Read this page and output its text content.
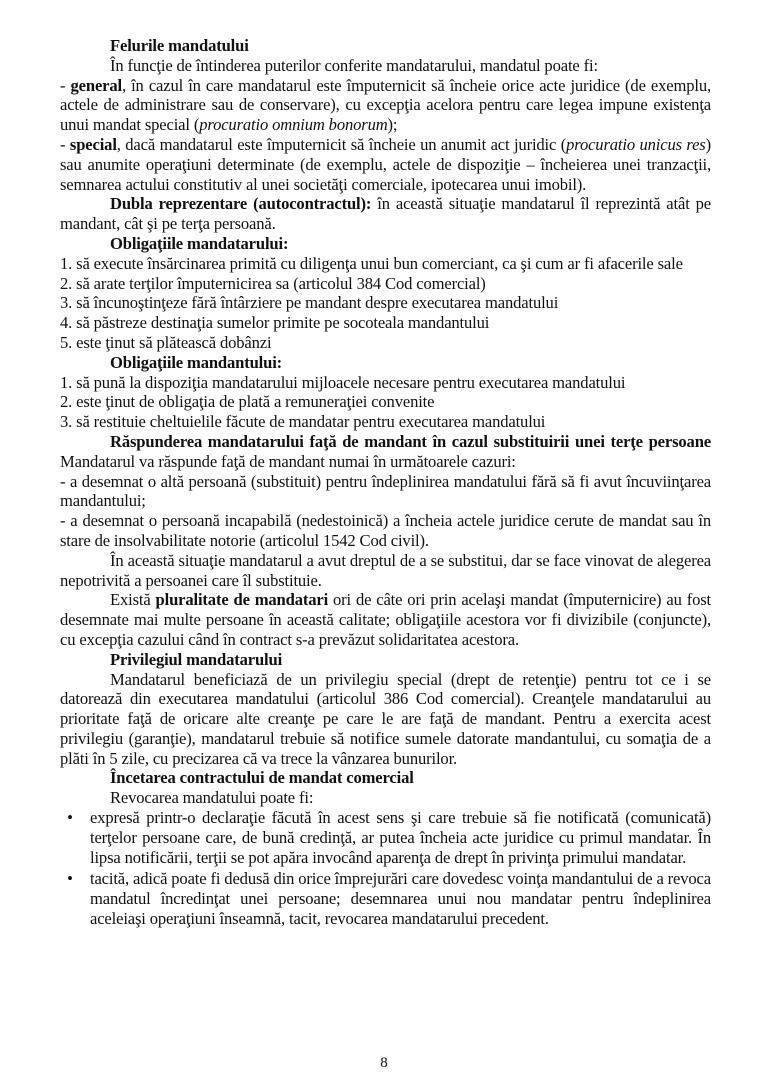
Felurile mandatului

În funcţie de întinderea puterilor conferite mandatarului, mandatul poate fi:

- general, în cazul în care mandatarul este împuternicit să încheie orice acte juridice (de exemplu, actele de administrare sau de conservare), cu excepţia acelora pentru care legea impune existenţa unui mandat special (procuratio omnium bonorum);

- special, dacă mandatarul este împuternicit să încheie un anumit act juridic (procuratio unicus res) sau anumite operaţiuni determinate (de exemplu, actele de dispoziţie – încheierea unei tranzacţii, semnarea actului constitutiv al unei societăţi comerciale, ipotecarea unui imobil).

Dubla reprezentare (autocontractul): în această situaţie mandatarul îl reprezintă atât pe mandant, cât şi pe terţa persoană.

Obligaţiile mandatarului:
1. să execute însărcinarea primită cu diligenţa unui bun comerciant, ca şi cum ar fi afacerile sale
2. să arate terţilor împuternicirea sa (articolul 384 Cod comercial)
3. să încunoştinţeze fără întârziere pe mandant despre executarea mandatului
4. să păstreze destinaţia sumelor primite pe socoteala mandantului
5. este ţinut să plătească dobânzi
Obligaţiile mandantului:
1. să pună la dispoziţia mandatarului mijloacele necesare pentru executarea mandatului
2. este ţinut de obligaţia de plată a remuneraţiei convenite
3. să restituie cheltuielile făcute de mandatar pentru executarea mandatului

Răspunderea mandatarului faţă de mandant în cazul substituirii unei terţe persoane Mandatarul va răspunde faţă de mandant numai în următoarele cazuri:

- a desemnat o altă persoană (substituit) pentru îndeplinirea mandatului fără să fi avut încuviinţarea mandantului;

- a desemnat o persoană incapabilă (nedestoinică) a încheia actele juridice cerute de mandat sau în stare de insolvabilitate notorie (articolul 1542 Cod civil).

În această situaţie mandatarul a avut dreptul de a se substitui, dar se face vinovat de alegerea nepotrivită a persoanei care îl substituie.

Există pluralitate de mandatari ori de câte ori prin acelaşi mandat (împuternicire) au fost desemnate mai multe persoane în această calitate; obligaţiile acestora vor fi divizibile (conjuncte), cu excepţia cazului când în contract s-a prevăzut solidaritatea acestora.

Privilegiul mandatarului

Mandatarul beneficiază de un privilegiu special (drept de retenţie) pentru tot ce i se datorează din executarea mandatului (articolul 386 Cod comercial). Creanţele mandatarului au prioritate faţă de oricare alte creanţe pe care le are faţă de mandant. Pentru a exercita acest privilegiu (garanţie), mandatarul trebuie să notifice sumele datorate mandantului, cu somaţia de a plăti în 5 zile, cu precizarea că va trece la vânzarea bunurilor.

Încetarea contractului de mandat comercial

Revocarea mandatului poate fi:

•	expresă printr-o declaraţie făcută în acest sens şi care trebuie să fie notificată (comunicată) terţelor persoane care, de bună credinţă, ar putea încheia acte juridice cu primul mandatar. În lipsa notificării, terţii se pot apăra invocând aparenţa de drept în privinţa primului mandatar.
•	tacită, adică poate fi dedusă din orice împrejurări care dovedesc voinţa mandantului de a revoca mandatul încredinţat unei persoane; desemnarea unui nou mandatar pentru îndeplinirea aceleiaşi operaţiuni înseamnă, tacit, revocarea mandatarului precedent.
8
